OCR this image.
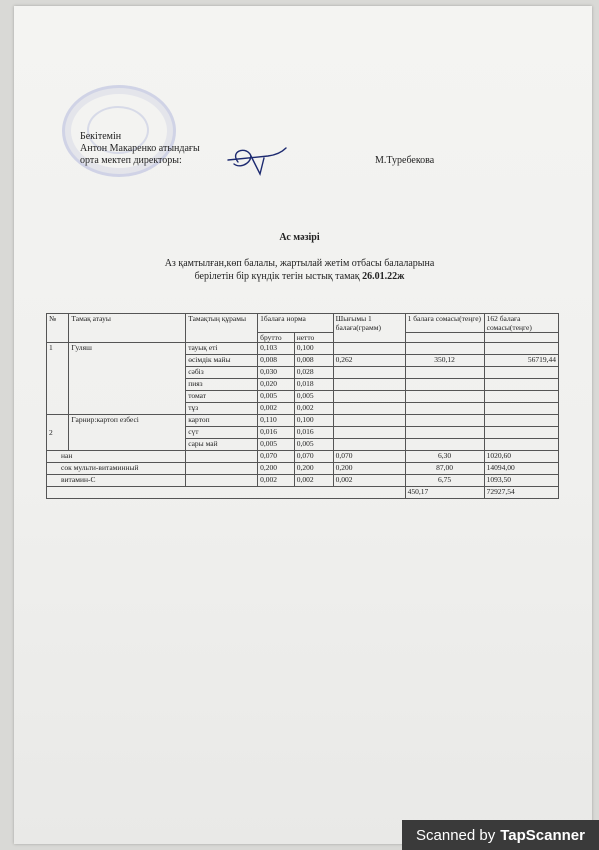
Бекітемін
Антон Макаренко атындағы
орта мектеп директоры:	М.Туребекова
Ас мәзірі
Аз қамтылған,көп балалы, жартылай жетім отбасы балаларына
берілетін бір күндік тегін ыстық тамақ 26.01.22ж
№	Тамақ атауы	Тамақтың құрамы	1балаға норма		Шығымы 1 балаға(грамм)	1 балаға сомасы(теңге)	162 балаға сомасы(теңге)
			брутто	нетто			
1	Гуляш	тауық еті	0,103	0,100			
		өсімдік майы	0,008	0,008	0,262	350,12	56719,44
		сәбіз	0,030	0,028			
		пияз	0,020	0,018			
		томат	0,005	0,005			
		тұз	0,002	0,002			
2	Гарнир:картоп езбесі	картоп	0,110	0,100			
		сүт	0,016	0,016			
		сары май	0,005	0,005			
нан			0,070	0,070	0,070	6,30	1020,60
сок мульти-витаминный			0,200	0,200	0,200	87,00	14094,00
витамин-С			0,002	0,002	0,002	6,75	1093,50
						450,17	72927,54
Scanned by TapScanner
